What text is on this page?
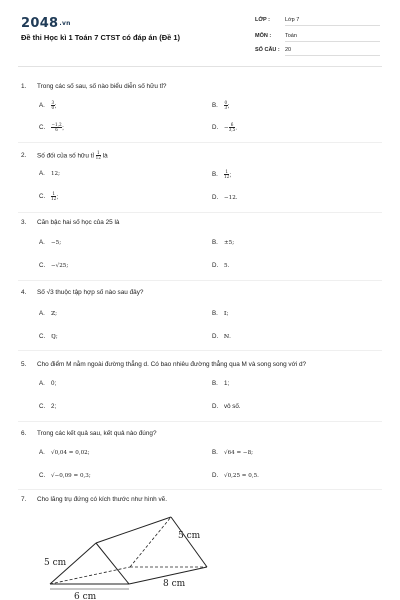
2048.vn
Đề thi Học kì 1 Toán 7 CTST có đáp án (Đề 1)
LỚP :	Lớp 7
MÔN :	Toán
SỐ CÂU : 20
1. Trong các số sau, số nào biểu diễn số hữu tỉ?
A. $\frac{3}{0}$ ;	B. $\frac{0}{3}$ ;
C. $\frac{-1,2}{6}$ ;	D. − $\frac{6}{3,5}$ .
2. Số đối của số hữu tỉ $\frac{1}{12}$ là
A. 12;	B. $\frac{1}{12}$ ;
C. $\frac{1}{12}$ ;	D. −12.
3. Căn bậc hai số học của 25 là
A. −5;	B. ±5;
C. −√25;	D. 5.
4. Số √3 thuộc tập hợp số nào sau đây?
A. ℤ;	B. 𝕀;
C. ℚ;	D. ℕ.
5. Cho điểm M nằm ngoài đường thẳng d. Có bao nhiêu đường thẳng qua M và song song với d?
A. 0;	B. 1;
C. 2;	D. vô số.
6. Trong các kết quả sau, kết quả nào đúng?
A. √0,04 = 0,02;	B. √64 = −8;
C. √−0,09 = 0,3;	D. √0,25 = 0,5.
7. Cho lăng trụ đứng có kích thước như hình vẽ.
5 cm
5 cm
8 cm
6 cm
